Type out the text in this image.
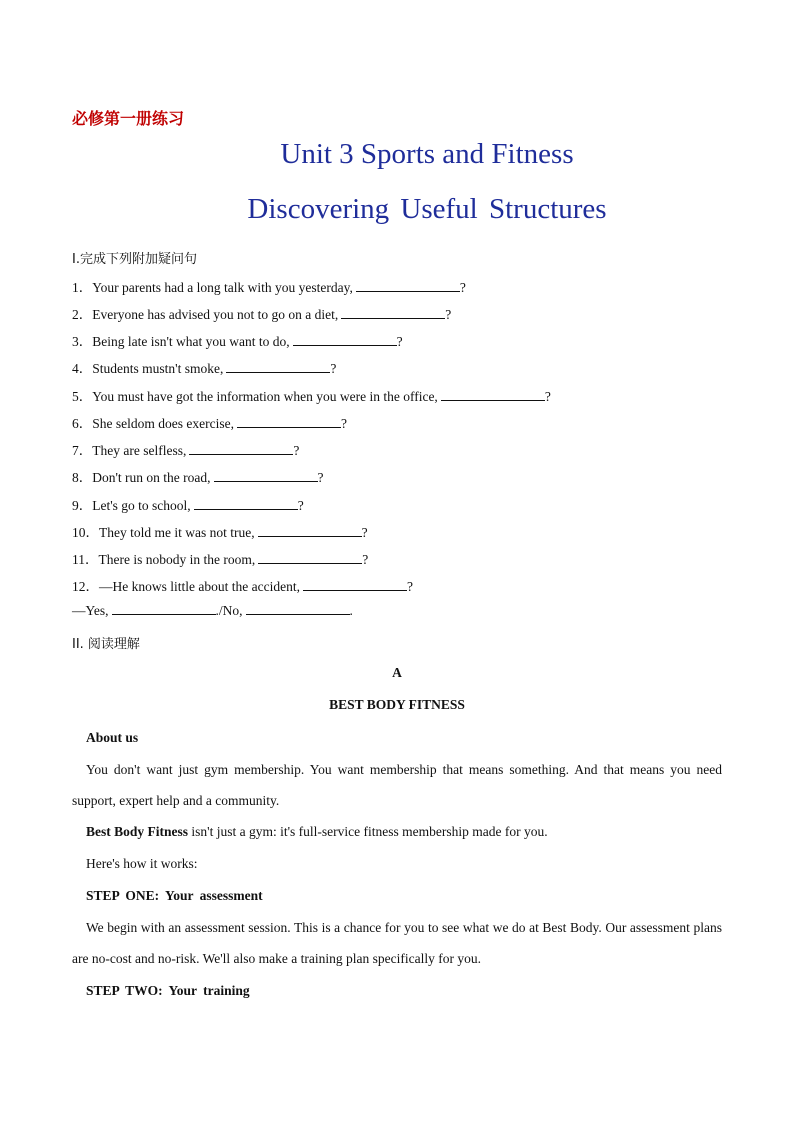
必修第一册练习
Unit 3 Sports and Fitness
Discovering Useful Structures
Ⅰ.完成下列附加疑问句
1．Your parents had a long talk with you yesterday,	?
2．Everyone has advised you not to go on a diet,	?
3．Being late isn't what you want to do,	?
4．Students mustn't smoke,	?
5．You must have got the information when you were in the office,	?
6．She seldom does exercise,	?
7．They are selfless,	?
8．Don't run on the road,	?
9．Let's go to school,	?
10．They told me it was not true,	?
11．There is nobody in the room,	?
12．—He knows little about the accident,	?
—Yes,	./No,	.
II. 阅读理解
A
BEST BODY FITNESS
About us
You don't want just gym membership. You want membership that means something. And that means you need support, expert help and a community.
Best Body Fitness isn't just a gym: it's full-service fitness membership made for you.
Here's how it works:
STEP ONE: Your assessment
We begin with an assessment session. This is a chance for you to see what we do at Best Body. Our assessment plans are no-cost and no-risk. We'll also make a training plan specifically for you.
STEP TWO: Your training
